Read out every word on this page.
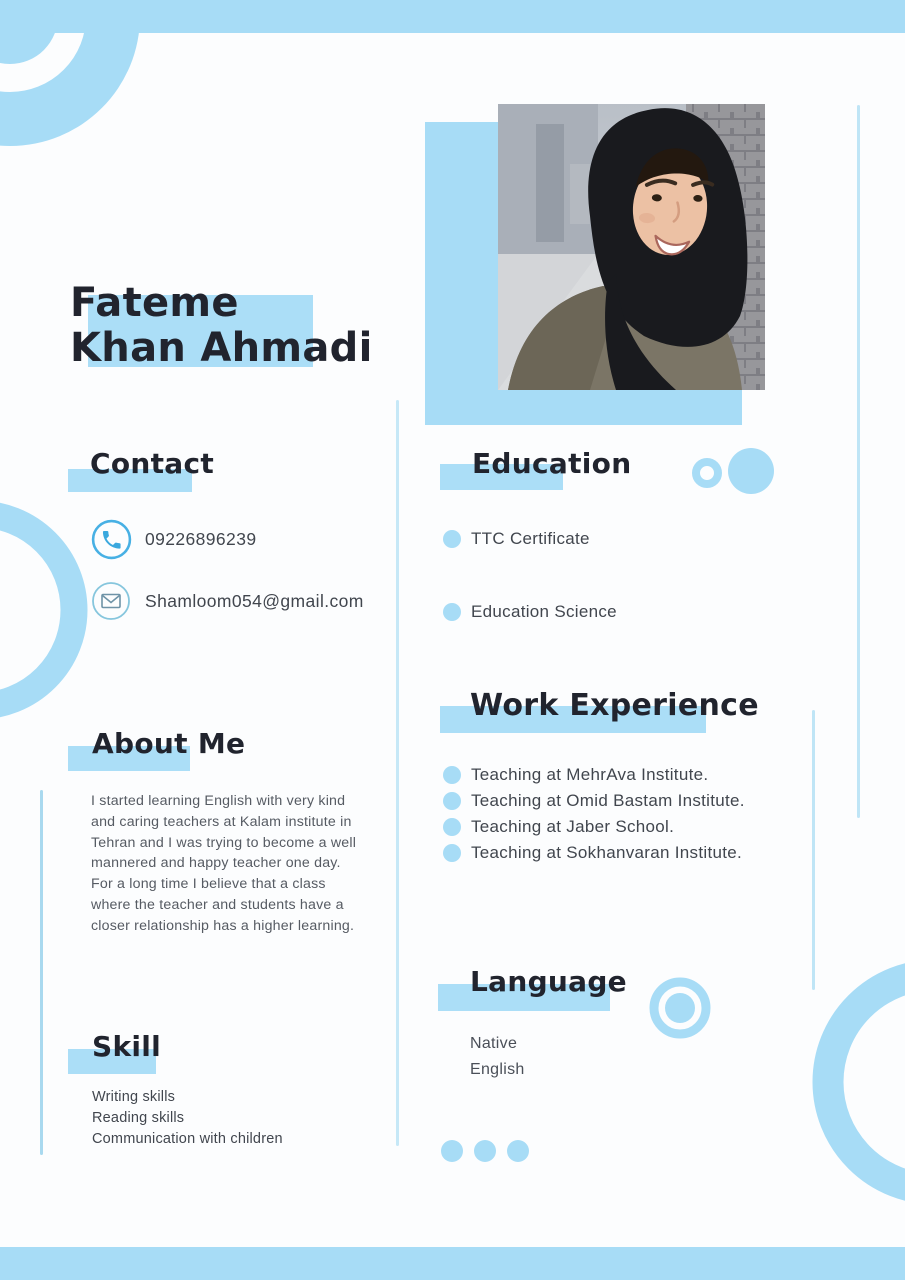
Fateme
Khan Ahmadi
Contact
09226896239
Shamloom054@gmail.com
About Me
I started learning English with very kind
and caring teachers at Kalam institute in
Tehran and I was trying to become a well
mannered and happy teacher one day.
For a long time I believe that a class
where the teacher and students have a
closer relationship has a higher learning.
Skill
Writing skills
Reading skills
Communication with children
Education
TTC Certificate
Education Science
Work Experience
Teaching at MehrAva Institute.
Teaching at Omid Bastam Institute.
Teaching at Jaber School.
Teaching at Sokhanvaran Institute.
Language
Native
English
